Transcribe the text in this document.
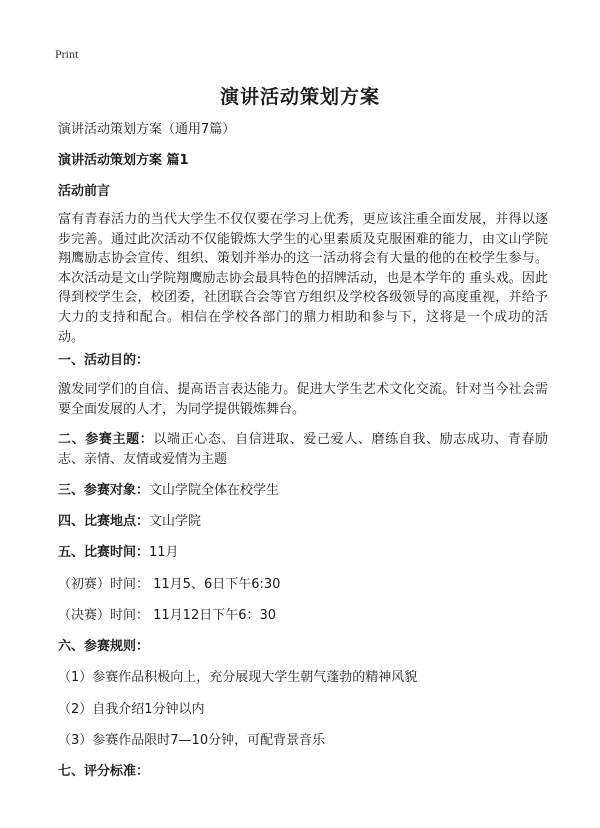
Print
演讲活动策划方案
演讲活动策划方案（通用7篇）
演讲活动策划方案 篇1
活动前言
富有青春活力的当代大学生不仅仅要在学习上优秀，更应该注重全面发展，并得以逐步完善。通过此次活动不仅能锻炼大学生的心里素质及克服困难的能力，由文山学院翔鹰励志协会宣传、组织、策划并举办的这一活动将会有大量的他的在校学生参与。本次活动是文山学院翔鹰励志协会最具特色的招牌活动，也是本学年的 重头戏。因此得到校学生会，校团委，社团联合会等官方组织及学校各级领导的高度重视，并给予大力的支持和配合。相信在学校各部门的鼎力相助和参与下，这将是一个成功的活动。
一、活动目的：
激发同学们的自信、提高语言表达能力。促进大学生艺术文化交流。针对当今社会需要全面发展的人才，为同学提供锻炼舞台。
二、参赛主题：以端正心态、自信进取、爱己爱人、磨练自我、励志成功、青春励志、亲情、友情或爱情为主题
三、参赛对象：文山学院全体在校学生
四、比赛地点：文山学院
五、比赛时间：11月
（初赛）时间： 11月5、6日下午6:30
（决赛）时间： 11月12日下午6：30
六、参赛规则：
（1）参赛作品积极向上，充分展现大学生朝气蓬勃的精神风貌
（2）自我介绍1分钟以内
（3）参赛作品限时7—10分钟，可配背景音乐
七、评分标准：
